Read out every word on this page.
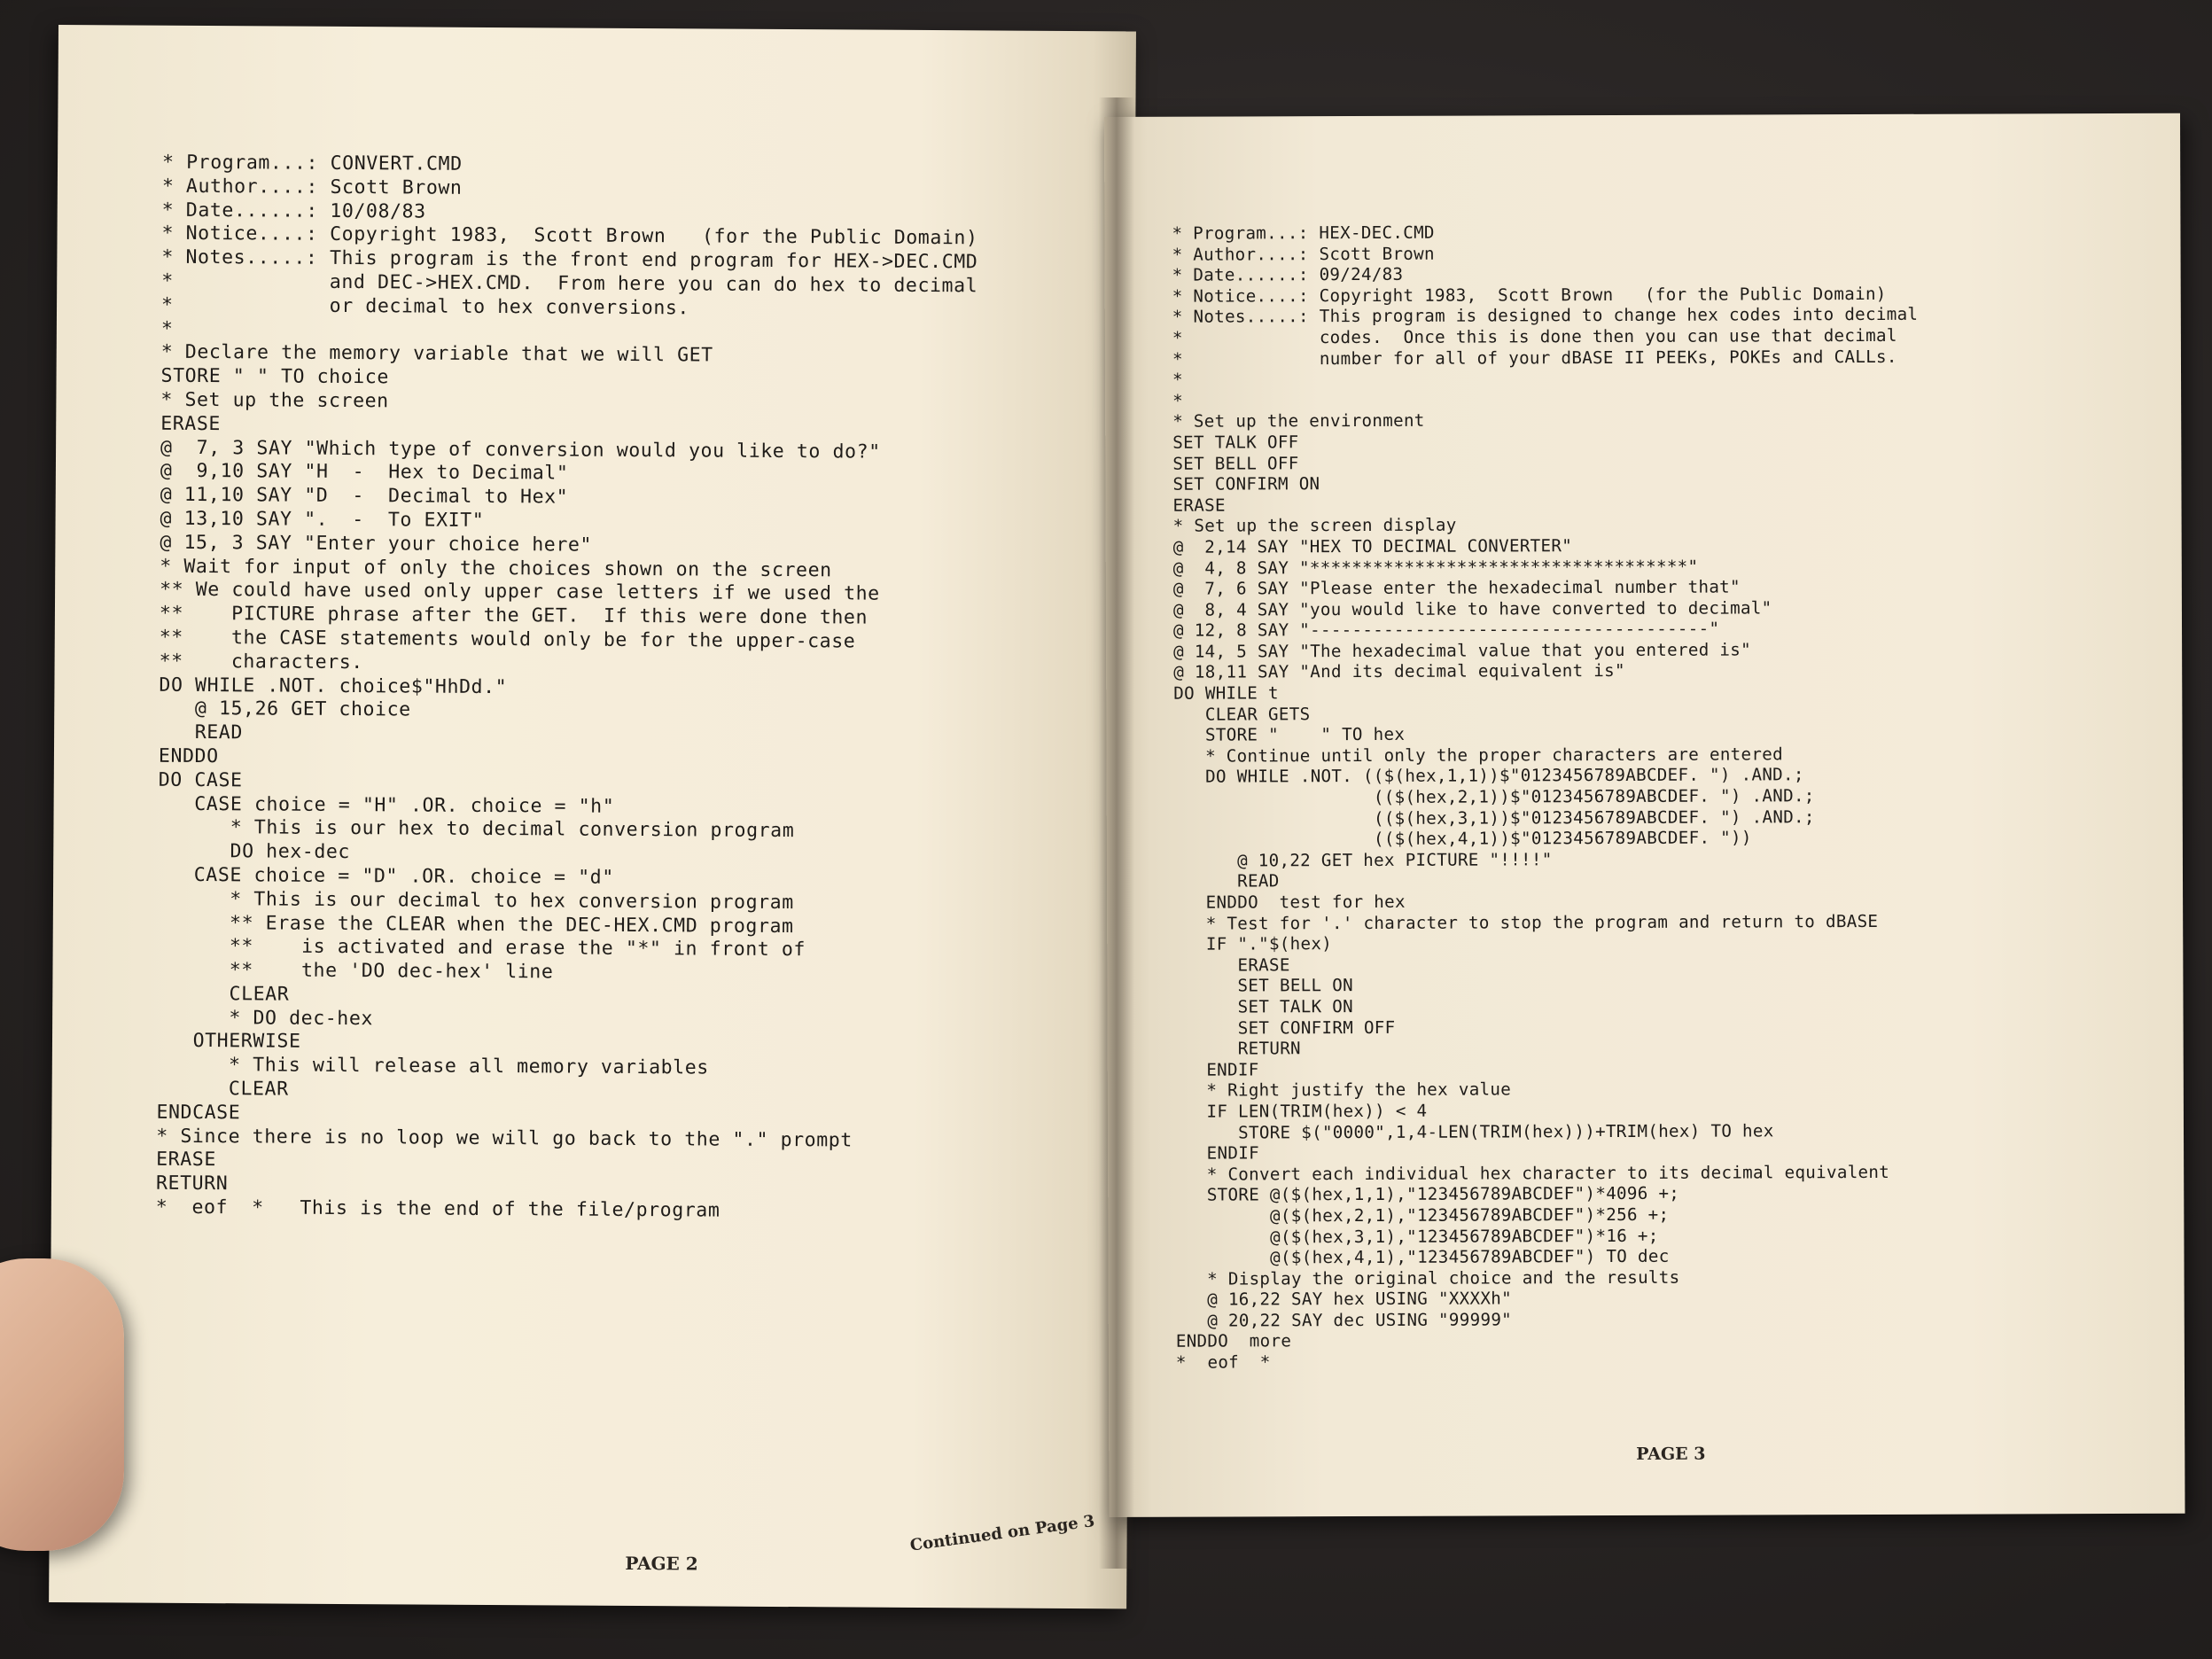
* Program...: CONVERT.CMD
* Author....: Scott Brown
* Date......: 10/08/83
* Notice....: Copyright 1983,  Scott Brown   (for the Public Domain)
* Notes.....: This program is the front end program for HEX->DEC.CMD
*             and DEC->HEX.CMD.  From here you can do hex to decimal
*             or decimal to hex conversions.
*
* Declare the memory variable that we will GET
STORE " " TO choice
* Set up the screen
ERASE
@  7, 3 SAY "Which type of conversion would you like to do?"
@  9,10 SAY "H  -  Hex to Decimal"
@ 11,10 SAY "D  -  Decimal to Hex"
@ 13,10 SAY ".  -  To EXIT"
@ 15, 3 SAY "Enter your choice here"
* Wait for input of only the choices shown on the screen
** We could have used only upper case letters if we used the
**    PICTURE phrase after the GET.  If this were done then
**    the CASE statements would only be for the upper-case
**    characters.
DO WHILE .NOT. choice$"HhDd."
@ 15,26 GET choice
READ
ENDDO
DO CASE
CASE choice = "H" .OR. choice = "h"
* This is our hex to decimal conversion program
DO hex-dec
CASE choice = "D" .OR. choice = "d"
* This is our decimal to hex conversion program
** Erase the CLEAR when the DEC-HEX.CMD program
**    is activated and erase the "*" in front of
**    the 'DO dec-hex' line
CLEAR
* DO dec-hex
OTHERWISE
* This will release all memory variables
CLEAR
ENDCASE
* Since there is no loop we will go back to the "." prompt
ERASE
RETURN
*  eof  *   This is the end of the file/program

PAGE 2
Continued on Page 3
* Program...: HEX-DEC.CMD
* Author....: Scott Brown
* Date......: 09/24/83
* Notice....: Copyright 1983,  Scott Brown   (for the Public Domain)
* Notes.....: This program is designed to change hex codes into decimal
*             codes.  Once this is done then you can use that decimal
*             number for all of your dBASE II PEEKs, POKEs and CALLs.
*
*
* Set up the environment
SET TALK OFF
SET BELL OFF
SET CONFIRM ON
ERASE
* Set up the screen display
@  2,14 SAY "HEX TO DECIMAL CONVERTER"
@  4, 8 SAY "************************************"
@  7, 6 SAY "Please enter the hexadecimal number that"
@  8, 4 SAY "you would like to have converted to decimal"
@ 12, 8 SAY "--------------------------------------"
@ 14, 5 SAY "The hexadecimal value that you entered is"
@ 18,11 SAY "And its decimal equivalent is"
DO WHILE t
CLEAR GETS
STORE "    " TO hex
* Continue until only the proper characters are entered
DO WHILE .NOT. (($(hex,1,1))$"0123456789ABCDEF. ") .AND.;
(($(hex,2,1))$"0123456789ABCDEF. ") .AND.;
(($(hex,3,1))$"0123456789ABCDEF. ") .AND.;
(($(hex,4,1))$"0123456789ABCDEF. "))
@ 10,22 GET hex PICTURE "!!!!"
READ
ENDDO  test for hex
* Test for '.' character to stop the program and return to dBASE
IF "."$(hex)
ERASE
SET BELL ON
SET TALK ON
SET CONFIRM OFF
RETURN
ENDIF
* Right justify the hex value
IF LEN(TRIM(hex)) < 4
STORE $("0000",1,4-LEN(TRIM(hex)))+TRIM(hex) TO hex
ENDIF
* Convert each individual hex character to its decimal equivalent
STORE @($(hex,1,1),"123456789ABCDEF")*4096 +;
@($(hex,2,1),"123456789ABCDEF")*256 +;
@($(hex,3,1),"123456789ABCDEF")*16 +;
@($(hex,4,1),"123456789ABCDEF") TO dec
* Display the original choice and the results
@ 16,22 SAY hex USING "XXXXh"
@ 20,22 SAY dec USING "99999"
ENDDO  more
*  eof  *

PAGE 3
